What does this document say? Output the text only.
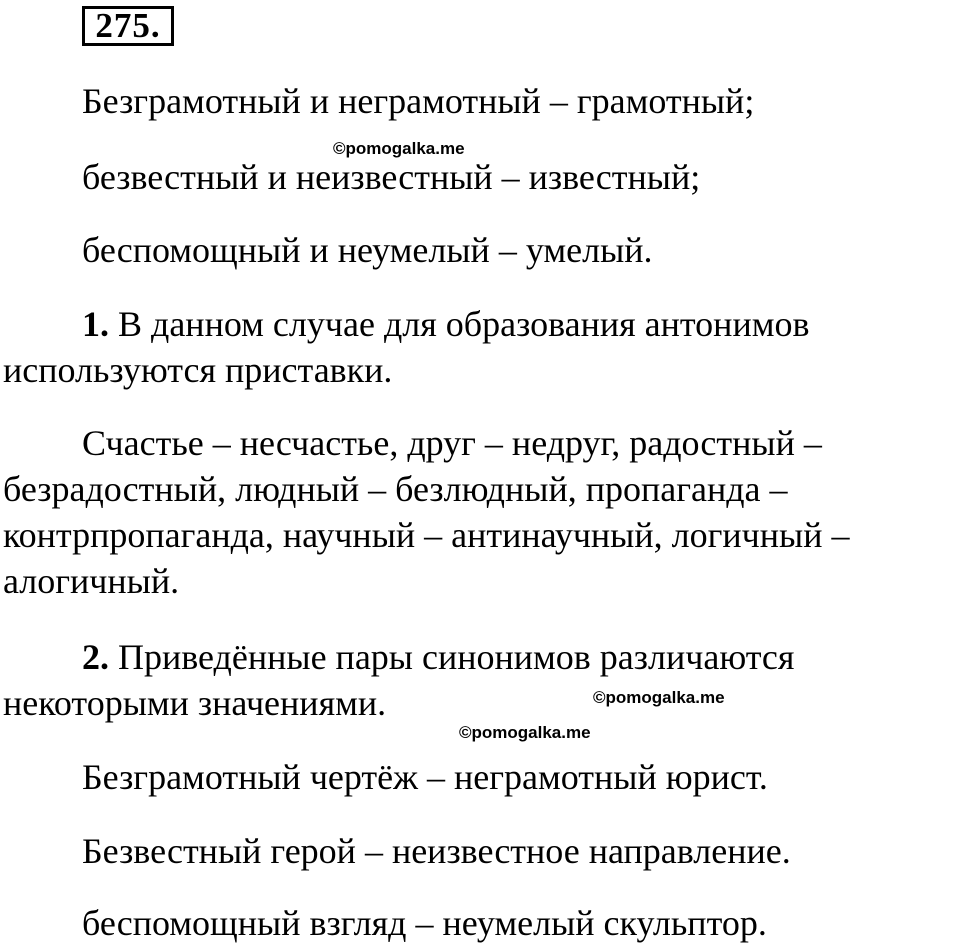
275.
Безграмотный и неграмотный – грамотный;
©pomogalka.me
безвестный и неизвестный – известный;
беспомощный и неумелый – умелый.
1. В данном случае для образования антонимов используются приставки.
Счастье – несчастье, друг – недруг, радостный – безрадостный, людный – безлюдный, пропаганда – контрпропаганда, научный – антинаучный, логичный – алогичный.
2. Приведённые пары синонимов различаются некоторыми значениями.	©pomogalka.me
©pomogalka.me
Безграмотный чертёж – неграмотный юрист.
Безвестный герой – неизвестное направление.
беспомощный взгляд – неумелый скульптор.
